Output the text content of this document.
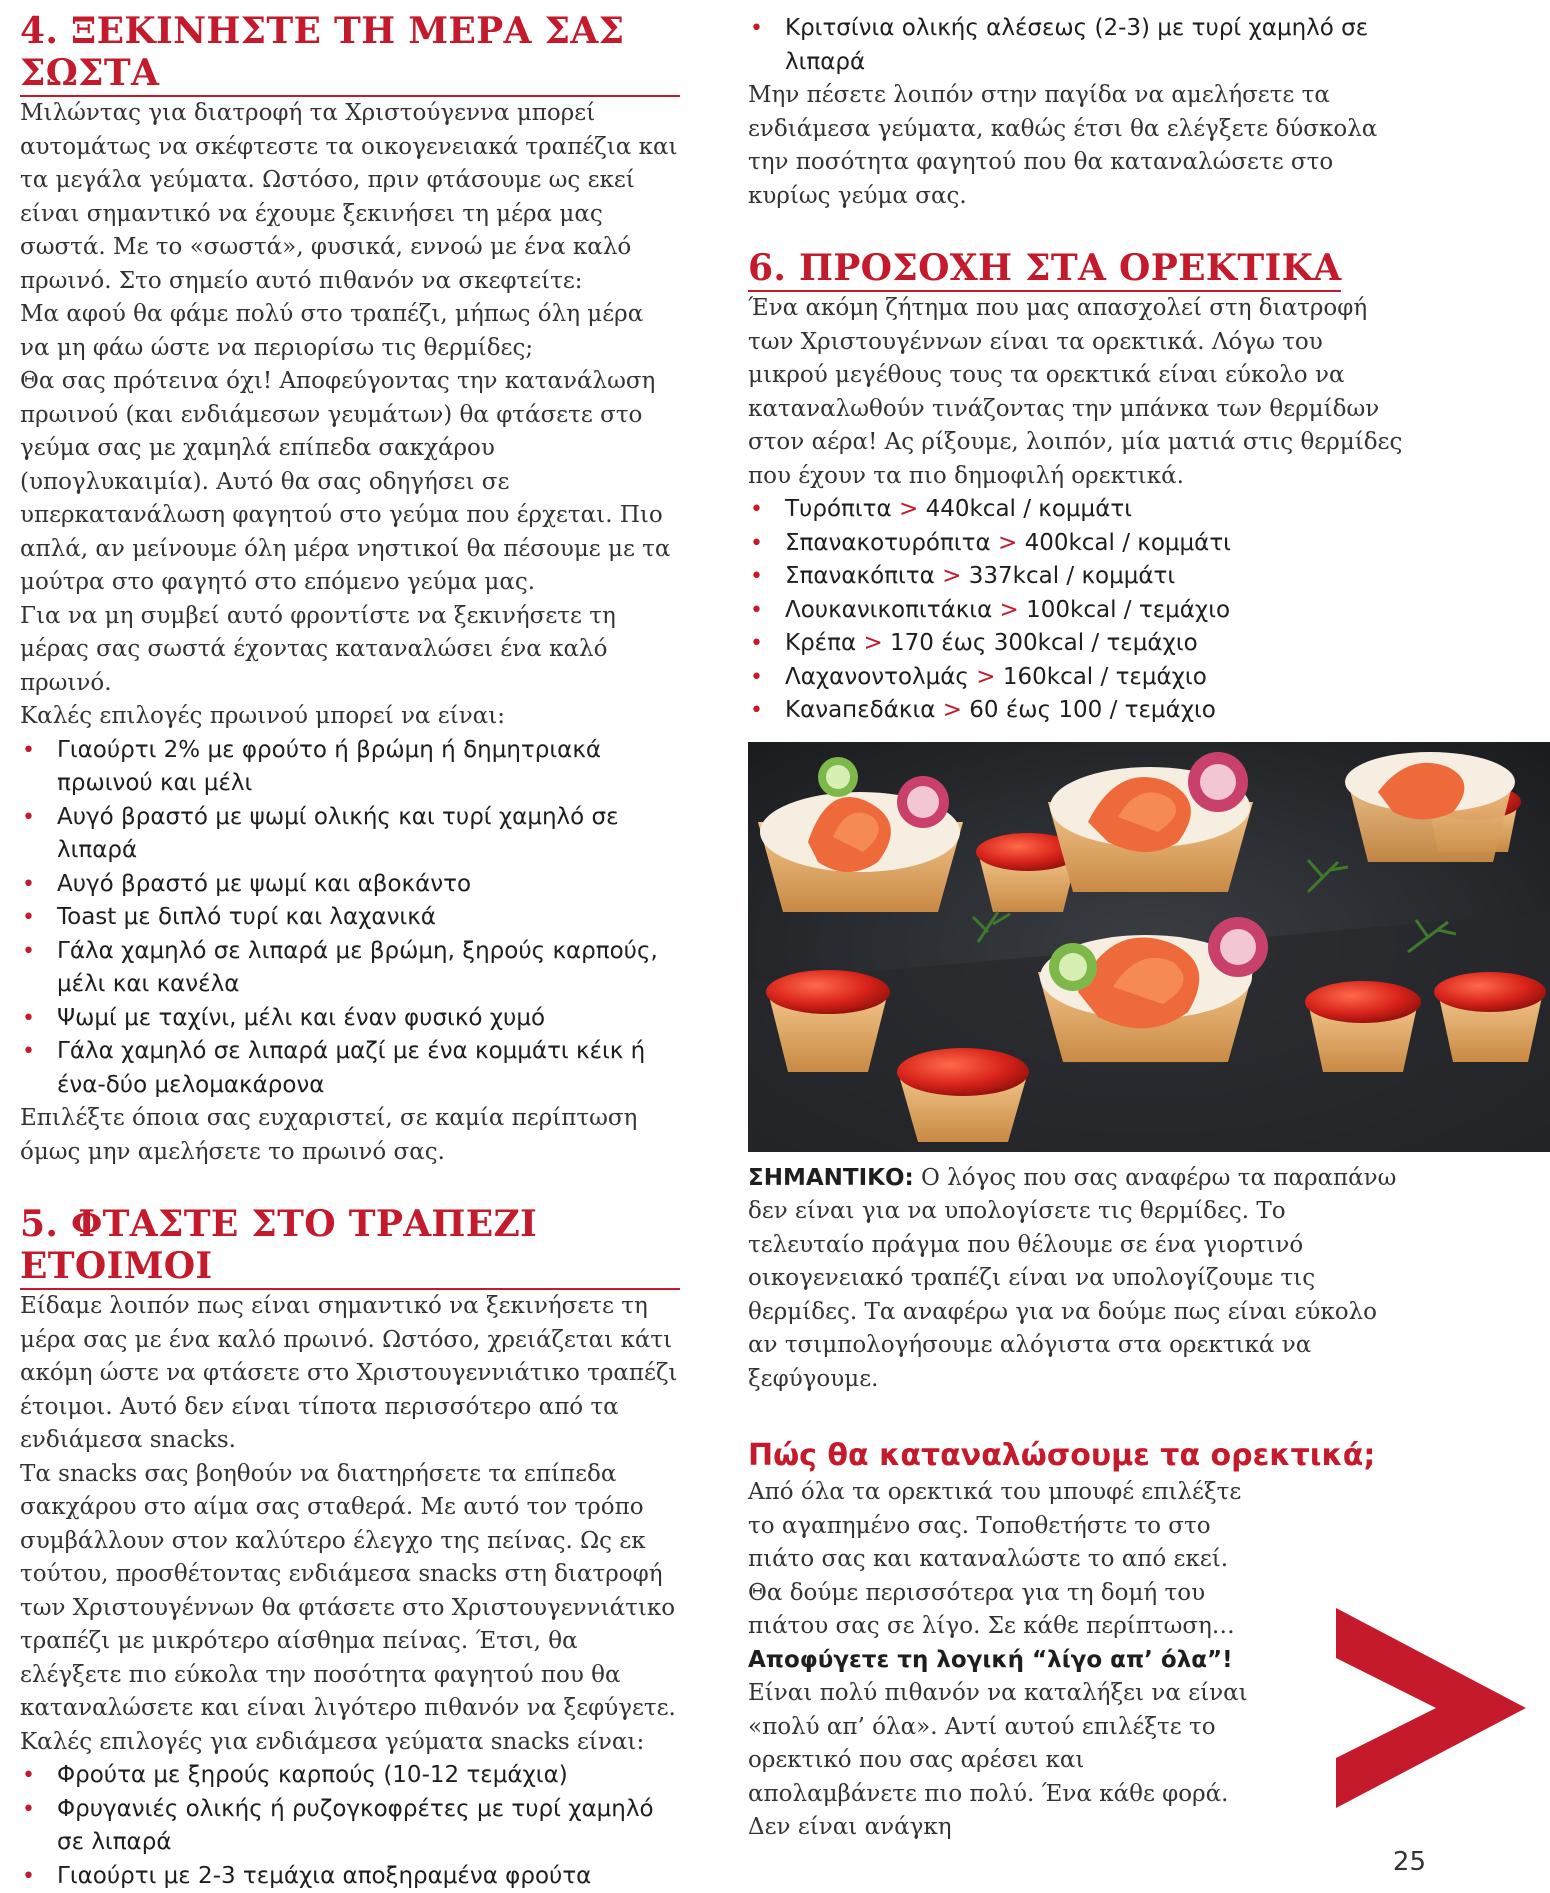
4. ΞΕΚΙΝΗΣΤΕ ΤΗ ΜΕΡΑ ΣΑΣ ΣΩΣΤΑ

Μιλώντας για διατροφή τα Χριστούγεννα μπορεί αυτομάτως να σκέφτεστε τα οικογενειακά τραπέζια και τα μεγάλα γεύματα. Ωστόσο, πριν φτάσουμε ως εκεί είναι σημαντικό να έχουμε ξεκινήσει τη μέρα μας σωστά. Με το «σωστά», φυσικά, εννοώ με ένα καλό πρωινό. Στο σημείο αυτό πιθανόν να σκεφτείτε:

Μα αφού θα φάμε πολύ στο τραπέζι, μήπως όλη μέρα να μη φάω ώστε να περιορίσω τις θερμίδες;

Θα σας πρότεινα όχι! Αποφεύγοντας την κατανάλωση πρωινού (και ενδιάμεσων γευμάτων) θα φτάσετε στο γεύμα σας με χαμηλά επίπεδα σακχάρου (υπογλυκαιμία). Αυτό θα σας οδηγήσει σε υπερκατανάλωση φαγητού στο γεύμα που έρχεται. Πιο απλά, αν μείνουμε όλη μέρα νηστικοί θα πέσουμε με τα μούτρα στο φαγητό στο επόμενο γεύμα μας.

Για να μη συμβεί αυτό φροντίστε να ξεκινήσετε τη μέρας σας σωστά έχοντας καταναλώσει ένα καλό πρωινό.

Καλές επιλογές πρωινού μπορεί να είναι:

• Γιαούρτι 2% με φρούτο ή βρώμη ή δημητριακά πρωινού και μέλι
• Αυγό βραστό με ψωμί ολικής και τυρί χαμηλό σε λιπαρά
• Αυγό βραστό με ψωμί και αβοκάντο
• Toast με διπλό τυρί και λαχανικά
• Γάλα χαμηλό σε λιπαρά με βρώμη, ξηρούς καρπούς, μέλι και κανέλα
• Ψωμί με ταχίνι, μέλι και έναν φυσικό χυμό
• Γάλα χαμηλό σε λιπαρά μαζί με ένα κομμάτι κέικ ή ένα-δύο μελομακάρονα

Επιλέξτε όποια σας ευχαριστεί, σε καμία περίπτωση όμως μην αμελήσετε το πρωινό σας.

5. ΦΤΑΣΤΕ ΣΤΟ ΤΡΑΠΕΖΙ ΕΤΟΙΜΟΙ

Είδαμε λοιπόν πως είναι σημαντικό να ξεκινήσετε τη μέρα σας με ένα καλό πρωινό. Ωστόσο, χρειάζεται κάτι ακόμη ώστε να φτάσετε στο Χριστουγεννιάτικο τραπέζι έτοιμοι. Αυτό δεν είναι τίποτα περισσότερο από τα ενδιάμεσα snacks.

Τα snacks σας βοηθούν να διατηρήσετε τα επίπεδα σακχάρου στο αίμα σας σταθερά. Με αυτό τον τρόπο συμβάλλουν στον καλύτερο έλεγχο της πείνας. Ως εκ τούτου, προσθέτοντας ενδιάμεσα snacks στη διατροφή των Χριστουγέννων θα φτάσετε στο Χριστουγεννιάτικο τραπέζι με μικρότερο αίσθημα πείνας. Έτσι, θα ελέγξετε πιο εύκολα την ποσότητα φαγητού που θα καταναλώσετε και είναι λιγότερο πιθανόν να ξεφύγετε.

Καλές επιλογές για ενδιάμεσα γεύματα snacks είναι:

• Φρούτα με ξηρούς καρπούς (10-12 τεμάχια)
• Φρυγανιές ολικής ή ρυζογκοφρέτες με τυρί χαμηλό σε λιπαρά
• Γιαούρτι με 2-3 τεμάχια αποξηραμένα φρούτα
• Κριτσίνια ολικής αλέσεως (2-3) με τυρί χαμηλό σε λιπαρά

Μην πέσετε λοιπόν στην παγίδα να αμελήσετε τα ενδιάμεσα γεύματα, καθώς έτσι θα ελέγξετε δύσκολα την ποσότητα φαγητού που θα καταναλώσετε στο κυρίως γεύμα σας.

6. ΠΡΟΣΟΧΗ ΣΤΑ ΟΡΕΚΤΙΚΑ

Ένα ακόμη ζήτημα που μας απασχολεί στη διατροφή των Χριστουγέννων είναι τα ορεκτικά. Λόγω του μικρού μεγέθους τους τα ορεκτικά είναι εύκολο να καταναλωθούν τινάζοντας την μπάνκα των θερμίδων στον αέρα! Ας ρίξουμε, λοιπόν, μία ματιά στις θερμίδες που έχουν τα πιο δημοφιλή ορεκτικά.

• Τυρόπιτα > 440kcal / κομμάτι
• Σπανακοτυρόπιτα > 400kcal / κομμάτι
• Σπανακόπιτα > 337kcal / κομμάτι
• Λουκανικοπιτάκια > 100kcal / τεμάχιο
• Κρέπα > 170 έως 300kcal / τεμάχιο
• Λαχανοντολμάς > 160kcal / τεμάχιο
• Κανапεδάκια > 60 έως 100 / τεμάχιο

ΣΗΜΑΝΤΙΚΟ: Ο λόγος που σας αναφέρω τα παραπάνω δεν είναι για να υπολογίσετε τις θερμίδες. Το τελευταίο πράγμα που θέλουμε σε ένα γιορτινό οικογενειακό τραπέζι είναι να υπολογίζουμε τις θερμίδες. Τα αναφέρω για να δούμε πως είναι εύκολο αν τσιμπολογήσουμε αλόγιστα στα ορεκτικά να ξεφύγουμε.

Πώς θα καταναλώσουμε τα ορεκτικά;

Από όλα τα ορεκτικά του μπουφέ επιλέξτε το αγαπημένο σας. Τοποθετήστε το στο πιάτο σας και καταναλώστε το από εκεί. Θα δούμε περισσότερα για τη δομή του πιάτου σας σε λίγο. Σε κάθε περίπτωση…

Αποφύγετε τη λογική “λίγο απ’ όλα”!

Είναι πολύ πιθανόν να καταλήξει να είναι «πολύ απ’ όλα». Αντί αυτού επιλέξτε το ορεκτικό που σας αρέσει και απολαμβάνετε πιο πολύ. Ένα κάθε φορά. Δεν είναι ανάγκη

25
